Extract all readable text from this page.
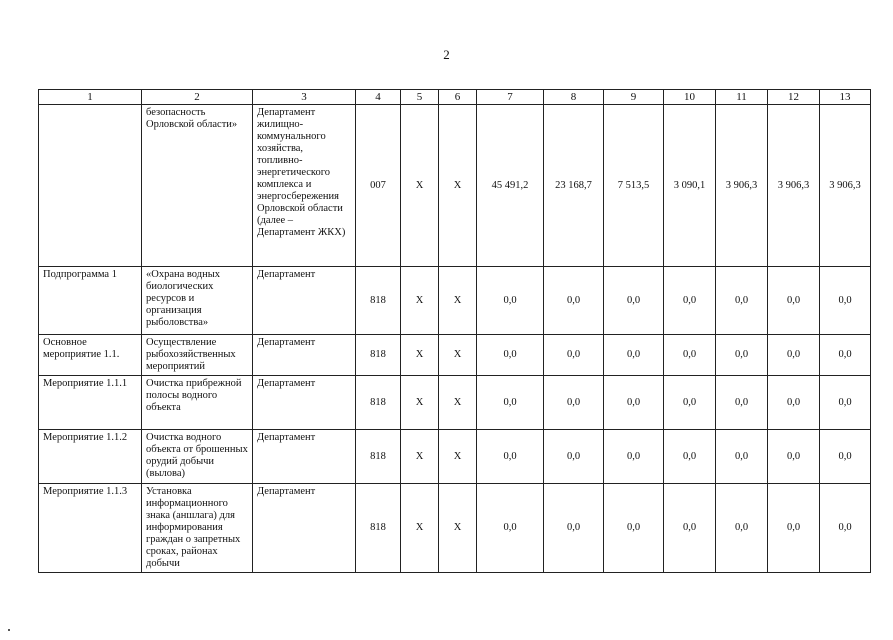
2
1	2	3	4	5	6	7	8	9	10	11	12	13
	безопасность Орловской области»	Департамент жилищно-коммунального хозяйства, топливно-энергетического комплекса и энергосбережения Орловской области (далее – Департамент ЖКХ)	007	Х	Х	45 491,2	23 168,7	7 513,5	3 090,1	3 906,3	3 906,3	3 906,3
Подпрограмма 1	«Охрана водных биологических ресурсов и организация рыболовства»	Департамент	818	Х	Х	0,0	0,0	0,0	0,0	0,0	0,0	0,0
Основное мероприятие 1.1.	Осуществление рыбохозяйственных мероприятий	Департамент	818	Х	Х	0,0	0,0	0,0	0,0	0,0	0,0	0,0
Мероприятие 1.1.1	Очистка прибрежной полосы водного объекта	Департамент	818	Х	Х	0,0	0,0	0,0	0,0	0,0	0,0	0,0
Мероприятие 1.1.2	Очистка водного объекта от брошенных орудий добычи (вылова)	Департамент	818	Х	Х	0,0	0,0	0,0	0,0	0,0	0,0	0,0
Мероприятие 1.1.3	Установка информационного знака (аншлага) для информирования граждан о запретных сроках, районах добычи	Департамент	818	Х	Х	0,0	0,0	0,0	0,0	0,0	0,0	0,0
